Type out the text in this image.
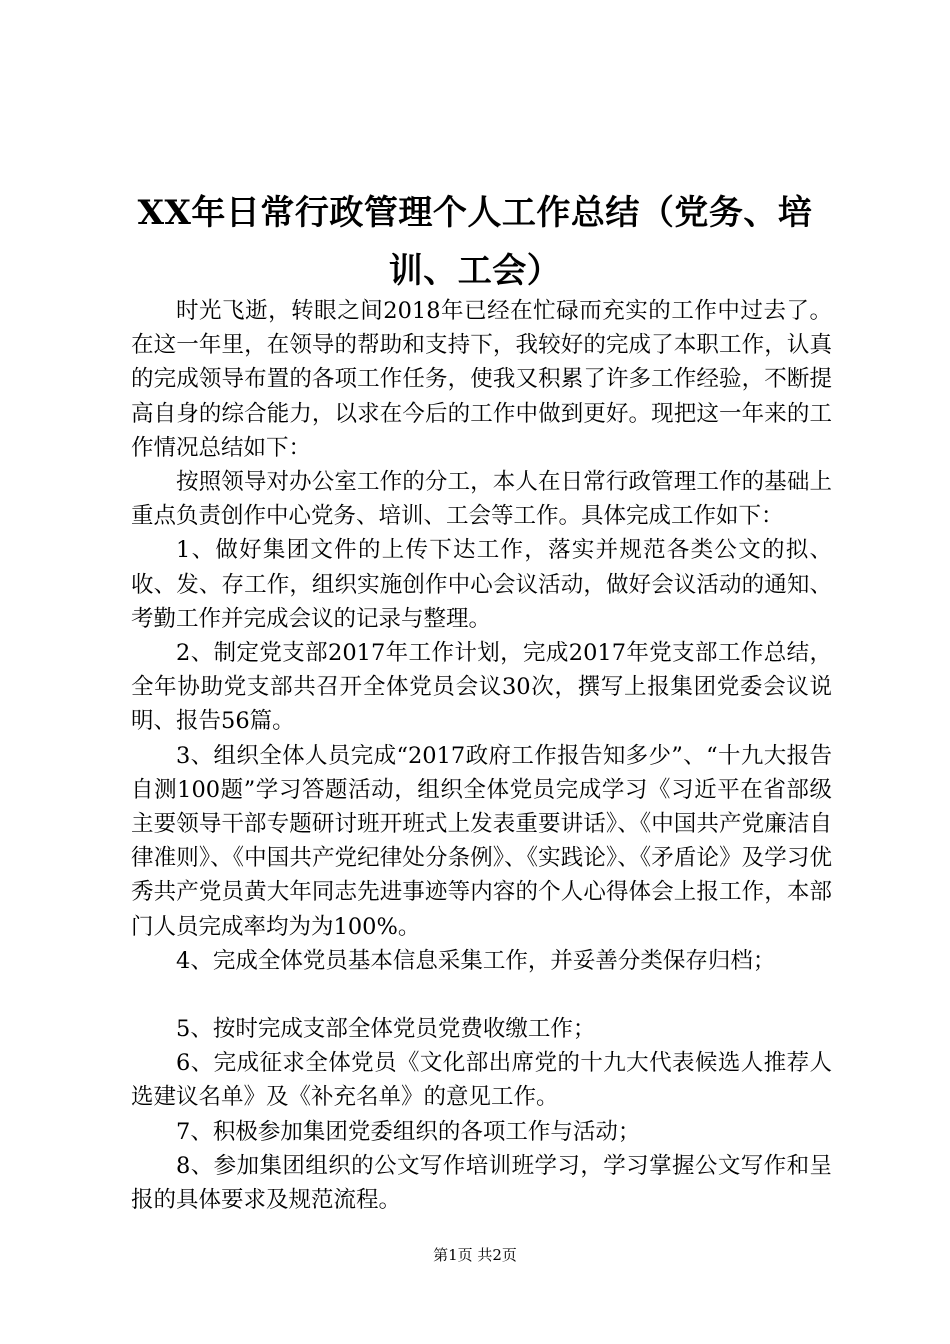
XX年日常行政管理个人工作总结（党务、培训、工会）

时光飞逝，转眼之间2018年已经在忙碌而充实的工作中过去了。在这一年里，在领导的帮助和支持下，我较好的完成了本职工作，认真的完成领导布置的各项工作任务，使我又积累了许多工作经验，不断提高自身的综合能力，以求在今后的工作中做到更好。现把这一年来的工作情况总结如下：

按照领导对办公室工作的分工，本人在日常行政管理工作的基础上重点负责创作中心党务、培训、工会等工作。具体完成工作如下：

1、做好集团文件的上传下达工作，落实并规范各类公文的拟、收、发、存工作，组织实施创作中心会议活动，做好会议活动的通知、考勤工作并完成会议的记录与整理。

2、制定党支部2017年工作计划，完成2017年党支部工作总结，全年协助党支部共召开全体党员会议30次，撰写上报集团党委会议说明、报告56篇。

3、组织全体人员完成“2017政府工作报告知多少”、“十九大报告自测100题”学习答题活动，组织全体党员完成学习《习近平在省部级主要领导干部专题研讨班开班式上发表重要讲话》、《中国共产党廉洁自律准则》、《中国共产党纪律处分条例》、《实践论》、《矛盾论》及学习优秀共产党员黄大年同志先进事迹等内容的个人心得体会上报工作，本部门人员完成率均为为100%。

4、完成全体党员基本信息采集工作，并妥善分类保存归档；

5、按时完成支部全体党员党费收缴工作；

6、完成征求全体党员《文化部出席党的十九大代表候选人推荐人选建议名单》及《补充名单》的意见工作。

7、积极参加集团党委组织的各项工作与活动；

8、参加集团组织的公文写作培训班学习，学习掌握公文写作和呈报的具体要求及规范流程。

第1页 共2页
